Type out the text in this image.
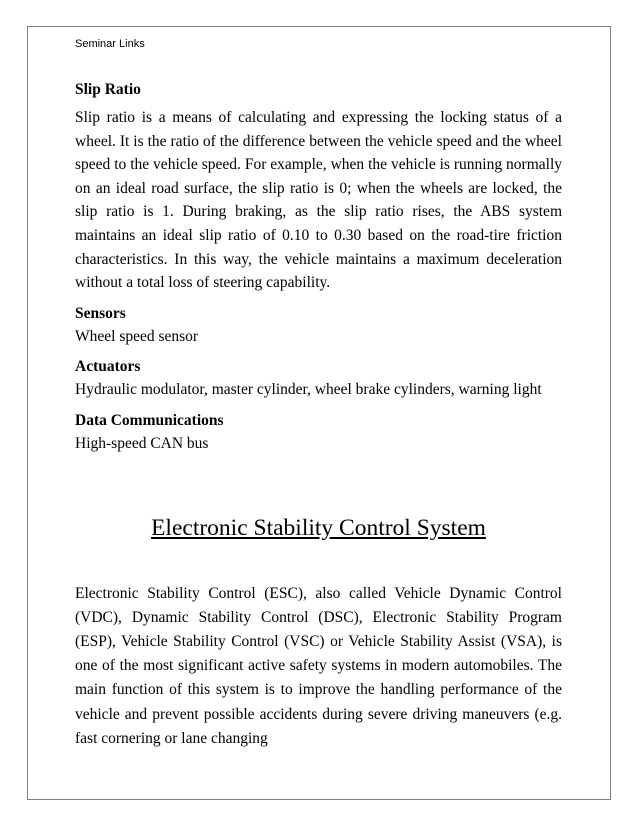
Seminar Links
Slip Ratio

Slip ratio is a means of calculating and expressing the locking status of a wheel. It is the ratio of the difference between the vehicle speed and the wheel speed to the vehicle speed. For example, when the vehicle is running normally on an ideal road surface, the slip ratio is 0; when the wheels are locked, the slip ratio is 1. During braking, as the slip ratio rises, the ABS system maintains an ideal slip ratio of 0.10 to 0.30 based on the road-tire friction characteristics. In this way, the vehicle maintains a maximum deceleration without a total loss of steering capability.

Sensors

Wheel speed sensor

Actuators

Hydraulic modulator, master cylinder, wheel brake cylinders, warning light

Data Communications

High-speed CAN bus

Electronic Stability Control System

Electronic Stability Control (ESC), also called Vehicle Dynamic Control (VDC), Dynamic Stability Control (DSC), Electronic Stability Program (ESP), Vehicle Stability Control (VSC) or Vehicle Stability Assist (VSA), is one of the most significant active safety systems in modern automobiles. The main function of this system is to improve the handling performance of the vehicle and prevent possible accidents during severe driving maneuvers (e.g. fast cornering or lane changing
